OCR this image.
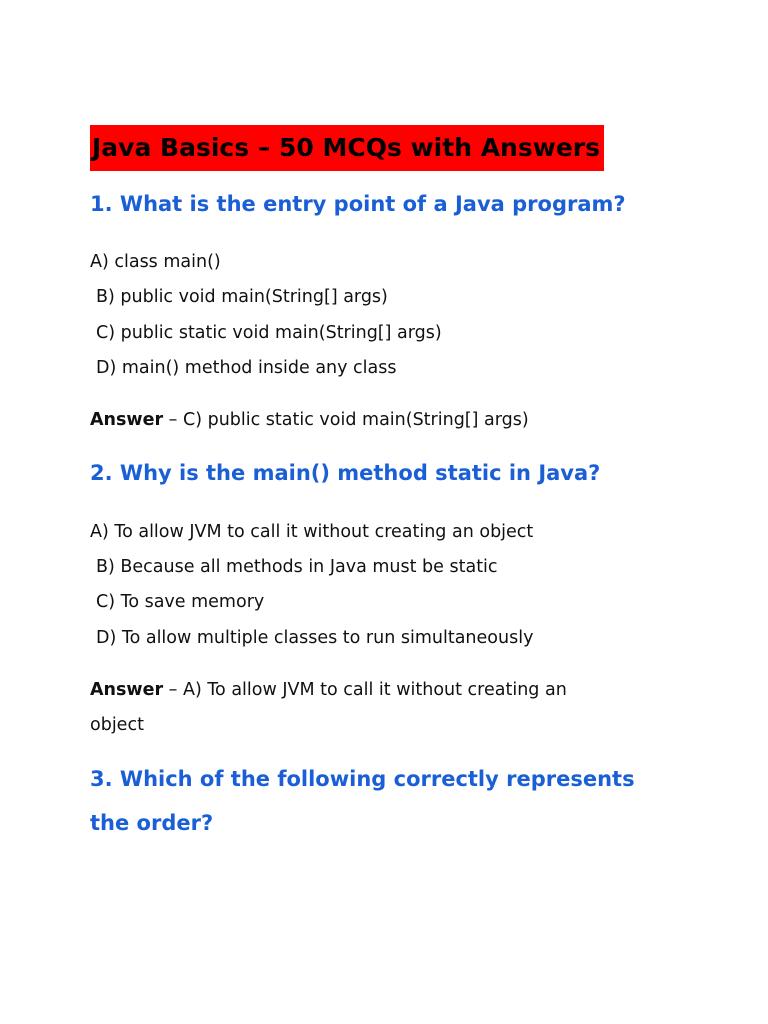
Java Basics – 50 MCQs with Answers
1. What is the entry point of a Java program?
A) class main()
B) public void main(String[] args)
C) public static void main(String[] args)
D) main() method inside any class
Answer – C) public static void main(String[] args)
2. Why is the main() method static in Java?
A) To allow JVM to call it without creating an object
B) Because all methods in Java must be static
C) To save memory
D) To allow multiple classes to run simultaneously
Answer – A) To allow JVM to call it without creating an
object
3. Which of the following correctly represents
the order?
